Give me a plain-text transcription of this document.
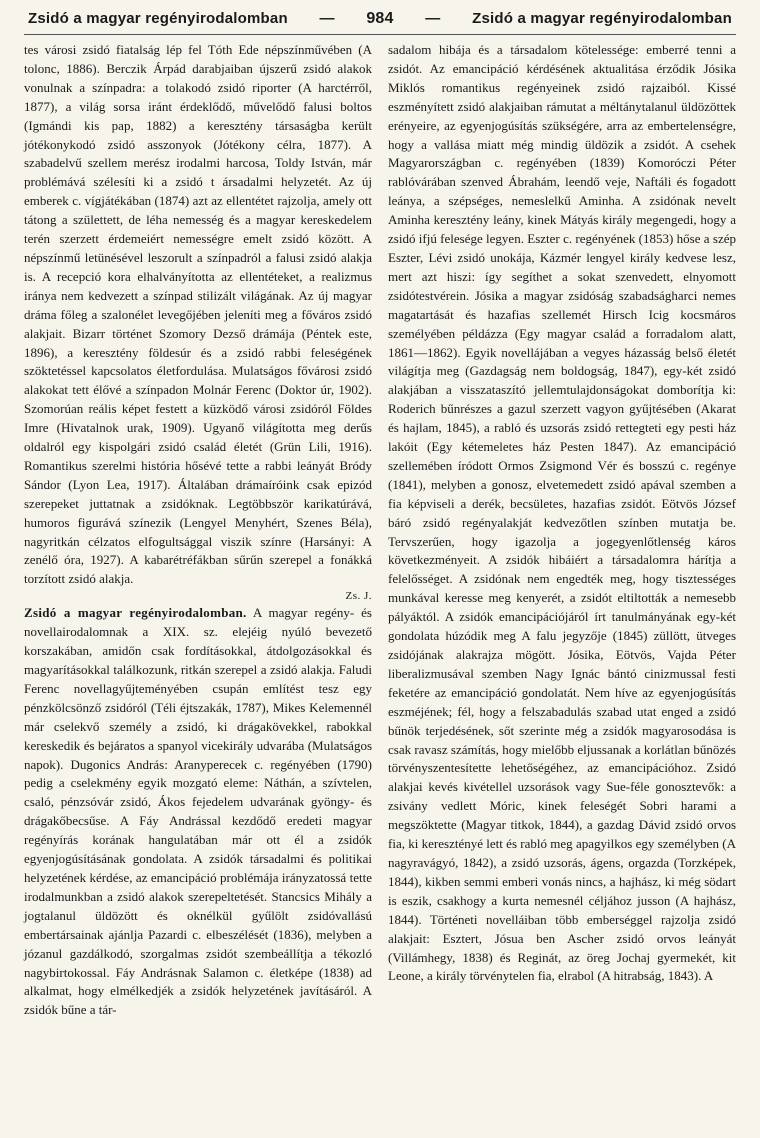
Zsidó a magyar regényirodalomban — 984 — Zsidó a magyar regényirodalomban

tes városi zsidó fiatalság lép fel Tóth Ede népszínművében (A tolonc, 1886). Berczik Árpád darabjaiban újszerű zsidó alakok vonulnak a színpadra: a tolakodó zsidó riporter (A harctérről, 1877), a világ sorsa iránt érdeklődő, művelődő falusi boltos (Igmándi kis pap, 1882) a keresztény társaságba került jótékonykodó zsidó asszonyok (Jótékony célra, 1877). A szabadelvű szellem merész irodalmi harcosa, Toldy István, már problémává szélesíti ki a zsidó t ársadalmi helyzetét. Az új emberek c. vígjátékában (1874) azt az ellentétet rajzolja, amely ott tátong a születtett, de léha nemesség és a magyar kereskedelem terén szerzett érdemeiért nemességre emelt zsidó között. A népszínmű letünésével leszorult a színpadról a falusi zsidó alakja is. A recepció kora elhalványította az ellentéteket, a realizmus iránya nem kedvezett a színpad stilizált világának. Az új magyar dráma főleg a szalonélet levegőjében jeleníti meg a főváros zsidó alakjait. Bizarr történet Szomory Dezső drámája (Péntek este, 1896), a keresztény földesúr és a zsidó rabbi feleségének szöktetéssel kapcsolatos életfordulása. Mulatságos fővárosi zsidó alakokat tett élővé a színpadon Molnár Ferenc (Doktor úr, 1902). Szomorúan reális képet festett a küzködő városi zsidóról Földes Imre (Hivatalnok urak, 1909). Ugyanő világította meg derűs oldalról egy kispolgári zsidó család életét (Grün Lili, 1916). Romantikus szerelmi história hősévé tette a rabbi leányát Bródy Sándor (Lyon Lea, 1917). Általában drámaíróink csak epizód szerepeket juttatnak a zsidóknak. Legtöbbször karikatúrává, humoros figurává színezik (Lengyel Menyhért, Szenes Béla), nagyritkán célzatos elfogultsággal viszik színre (Harsányi: A zenélő óra, 1927). A kabarétréfákban sűrűn szerepel a fonákká torzított zsidó alakja.

Zs. J.

Zsidó a magyar regényirodalomban. A magyar regény- és novellairodalomnak a XIX. sz. elejéig nyúló bevezető korszakában, amidőn csak fordításokkal, átdolgozásokkal és magyarításokkal találkozunk, ritkán szerepel a zsidó alakja. Faludi Ferenc novellagyűjteményében csupán említést tesz egy pénzkölcsönző zsidóról (Téli éjtszakák, 1787), Mikes Kelemennél már cselekvő személy a zsidó, ki drágakövekkel, rabokkal kereskedik és bejáratos a spanyol vicekirály udvarába (Mulatságos napok). Dugonics András: Aranyperecek c. regényében (1790) pedig a cselekmény egyik mozgató eleme: Náthán, a szívtelen, csaló, pénzsóvár zsidó, Ákos fejedelem udvarának gyöngy- és drágakőbecsűse. A Fáy Andrással kezdődő eredeti magyar regényírás korának hangulatában már ott él a zsidók egyenjogúsításának gondolata. A zsidók társadalmi és politikai helyzetének kérdése, az emancipáció problémája irányzatossá tette irodalmunkban a zsidó alakok szerepeltetését. Stancsics Mihály a jogtalanul üldözött és oknélkül gyűlölt zsidóvallású embertársainak ajánlja Pazardi c. elbeszélését (1836), melyben a józanul gazdálkodó, szorgalmas zsidót szembeállítja a tékozló nagybirtokossal. Fáy Andrásnak Salamon c. életképe (1838) ad alkalmat, hogy elmélkedjék a zsidók helyzetének javításáról. A zsidók bűne a tár-

sadalom hibája és a társadalom kötelessége: emberré tenni a zsidót. Az emancipáció kérdésének aktualitása érződik Jósika Miklós romantikus regényeinek zsidó rajzaiból. Kissé eszményített zsidó alakjaiban rámutat a méltánytalanul üldözöttek erényeire, az egyenjogúsítás szükségére, arra az embertelenségre, hogy a vallása miatt még mindig üldözik a zsidót. A csehek Magyarországban c. regényében (1839) Komoróczi Péter rablóvárában szenved Ábrahám, leendő veje, Naftáli és fogadott leánya, a szépséges, nemeslelkű Aminha. A zsidónak nevelt Aminha keresztény leány, kinek Mátyás király megengedi, hogy a zsidó ifjú felesége legyen. Eszter c. regényének (1853) hőse a szép Eszter, Lévi zsidó unokája, Kázmér lengyel király kedvese lesz, mert azt hiszi: így segíthet a sokat szenvedett, elnyomott zsidótestvérein. Jósika a magyar zsidóság szabadságharci nemes magatartását és hazafias szellemét Hirsch Icig kocsmáros személyében példázza (Egy magyar család a forradalom alatt, 1861—1862). Egyik novellájában a vegyes házasság belső életét világítja meg (Gazdagság nem boldogság, 1847), egy-két zsidó alakjában a visszataszító jellemtulajdonságokat domborítja ki: Roderich bűnrészes a gazul szerzett vagyon gyűjtésében (Akarat és hajlam, 1845), a rabló és uzsorás zsidó rettegteti egy pesti ház lakóit (Egy kétemeletes ház Pesten 1847). Az emancipáció szellemében íródott Ormos Zsigmond Vér és bosszú c. regénye (1841), melyben a gonosz, elvetemedett zsidó apával szemben a fia képviseli a derék, becsületes, hazafias zsidót. Eötvös József báró zsidó regényalakját kedvezőtlen színben mutatja be. Tervszerűen, hogy igazolja a jogegyenlőtlenség káros következményeit. A zsidók hibáiért a társadalomra hárítja a felelősséget. A zsidónak nem engedték meg, hogy tisztességes munkával keresse meg kenyerét, a zsidót eltiltották a nemesebb pályáktól. A zsidók emancipációjáról írt tanulmányának egy-két gondolata húzódik meg A falu jegyzője (1845) züllött, ütveges zsidójának alakrajza mögött. Jósika, Eötvös, Vajda Péter liberalizmusával szemben Nagy Ignác bántó cinizmussal festi feketére az emancipáció gondolatát. Nem híve az egyenjogúsítás eszméjének; fél, hogy a felszabadulás szabad utat enged a zsidó bűnök terjedésének, sőt szerinte még a zsidók magyarosodása is csak ravasz számítás, hogy mielőbb eljussanak a korlátlan bűnözés törvényszentesítette lehetőségéhez, az emancipációhoz. Zsidó alakjai kevés kivétellel uzsorások vagy Sue-féle gonosztevők: a zsivány vedlett Móric, kinek feleségét Sobri harami a megszöktette (Magyar titkok, 1844), a gazdag Dávid zsidó orvos fia, ki keresztényé lett és rabló meg apagyilkos egy személyben (A nagyravágyó, 1842), a zsidó uzsorás, ágens, orgazda (Torzképek, 1844), kikben semmi emberi vonás nincs, a hajhász, ki még södart is eszik, csakhogy a kurta nemesnél céljához jusson (A hajhász, 1844). Történeti novelláiban több emberséggel rajzolja zsidó alakjait: Esztert, Jósua ben Ascher zsidó orvos leányát (Villámhegy, 1838) és Reginát, az öreg Jochaj gyermekét, kit Leone, a király törvénytelen fia, elrabol (A hitrabság, 1843). A
